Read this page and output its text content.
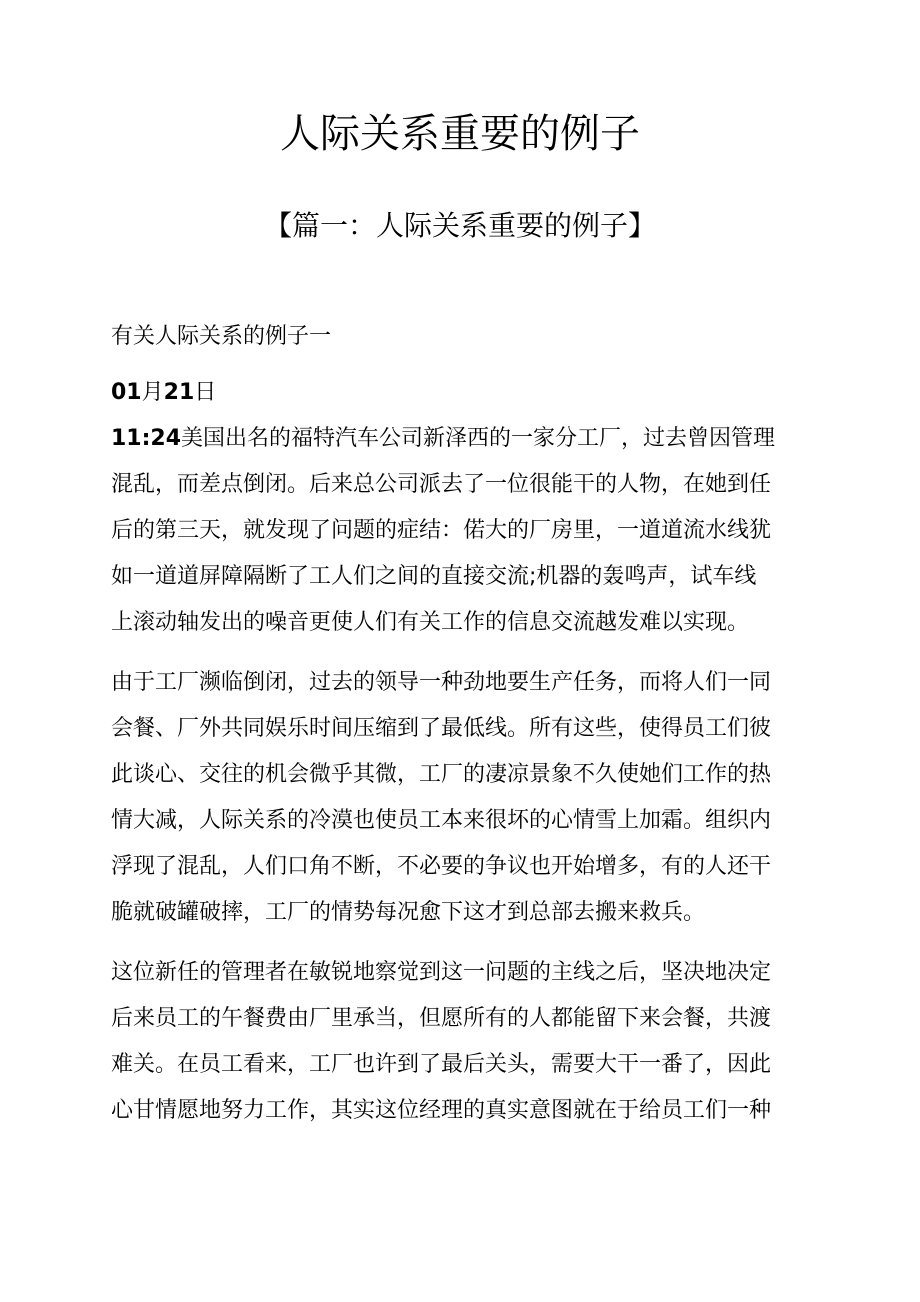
人际关系重要的例子
【篇一：人际关系重要的例子】

有关人际关系的例子一

01月21日

11:24美国出名的福特汽车公司新泽西的一家分工厂，过去曾因管理
混乱，而差点倒闭。后来总公司派去了一位很能干的人物，在她到任
后的第三天，就发现了问题的症结：偌大的厂房里，一道道流水线犹
如一道道屏障隔断了工人们之间的直接交流;机器的轰鸣声，试车线
上滚动轴发出的噪音更使人们有关工作的信息交流越发难以实现。

由于工厂濒临倒闭，过去的领导一种劲地要生产任务，而将人们一同
会餐、厂外共同娱乐时间压缩到了最低线。所有这些，使得员工们彼
此谈心、交往的机会微乎其微，工厂的凄凉景象不久使她们工作的热
情大减，人际关系的冷漠也使员工本来很坏的心情雪上加霜。组织内
浮现了混乱，人们口角不断，不必要的争议也开始增多，有的人还干
脆就破罐破摔，工厂的情势每况愈下这才到总部去搬来救兵。

这位新任的管理者在敏锐地察觉到这一问题的主线之后，坚决地决定
后来员工的午餐费由厂里承当，但愿所有的人都能留下来会餐，共渡
难关。在员工看来，工厂也许到了最后关头，需要大干一番了，因此
心甘情愿地努力工作，其实这位经理的真实意图就在于给员工们一种
